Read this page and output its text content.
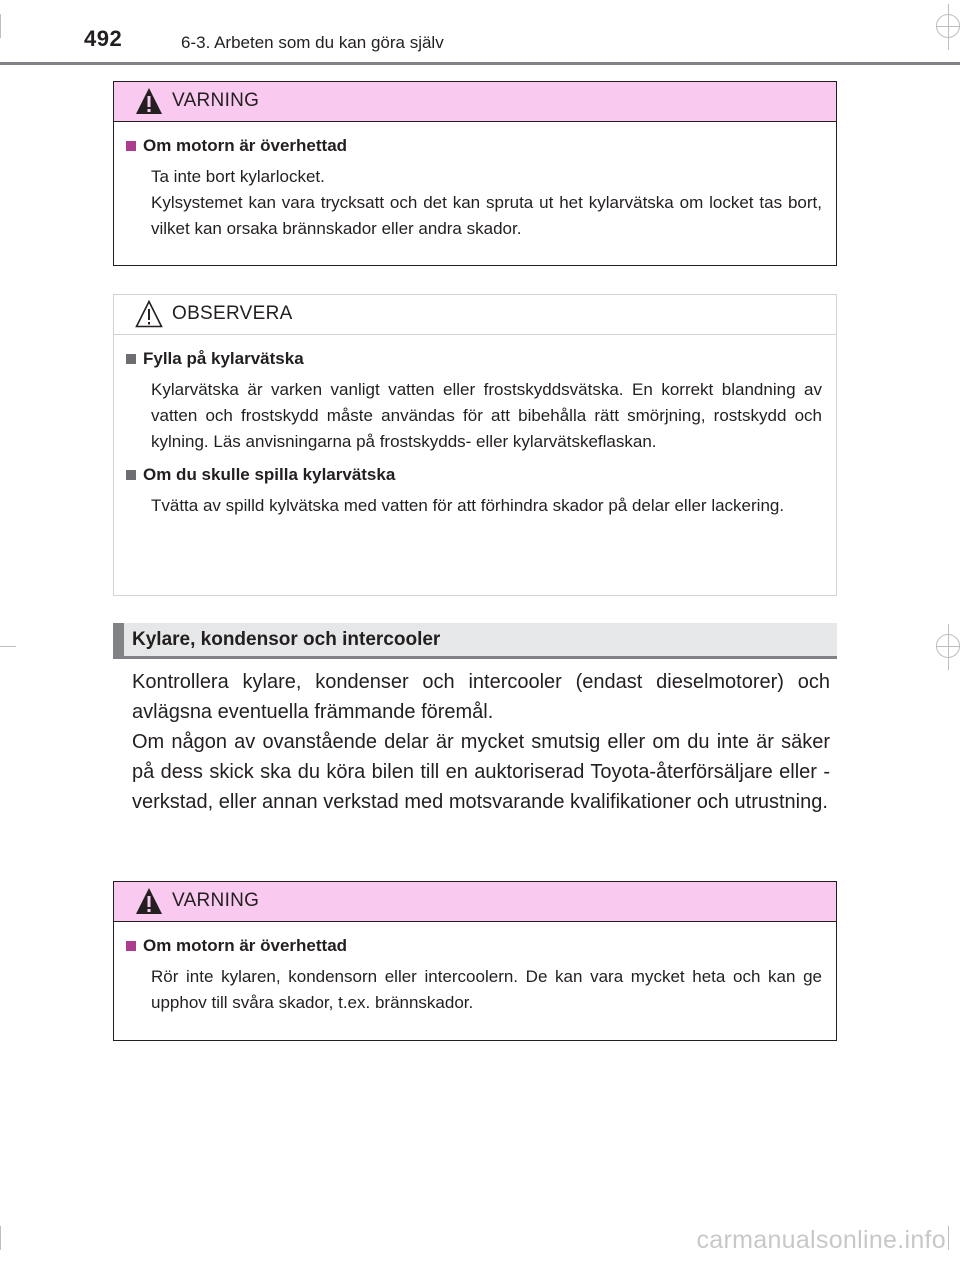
492	6-3. Arbeten som du kan göra själv
VARNING
Om motorn är överhettad
Ta inte bort kylarlocket.
Kylsystemet kan vara trycksatt och det kan spruta ut het kylarvätska om locket tas bort, vilket kan orsaka brännskador eller andra skador.
OBSERVERA
Fylla på kylarvätska
Kylarvätska är varken vanligt vatten eller frostskyddsvätska. En korrekt blandning av vatten och frostskydd måste användas för att bibehålla rätt smörjning, rostskydd och kylning. Läs anvisningarna på frostskydds- eller kylarvätskeflaskan.
Om du skulle spilla kylarvätska
Tvätta av spilld kylvätska med vatten för att förhindra skador på delar eller lackering.
Kylare, kondensor och intercooler

Kontrollera kylare, kondenser och intercooler (endast dieselmotorer) och avlägsna eventuella främmande föremål.

Om någon av ovanstående delar är mycket smutsig eller om du inte är säker på dess skick ska du köra bilen till en auktoriserad Toyota-återförsäljare eller -verkstad, eller annan verkstad med motsvarande kvalifikationer och utrustning.

VARNING
Om motorn är överhettad
Rör inte kylaren, kondensorn eller intercoolern. De kan vara mycket heta och kan ge upphov till svåra skador, t.ex. brännskador.
carmanualsonline.info
